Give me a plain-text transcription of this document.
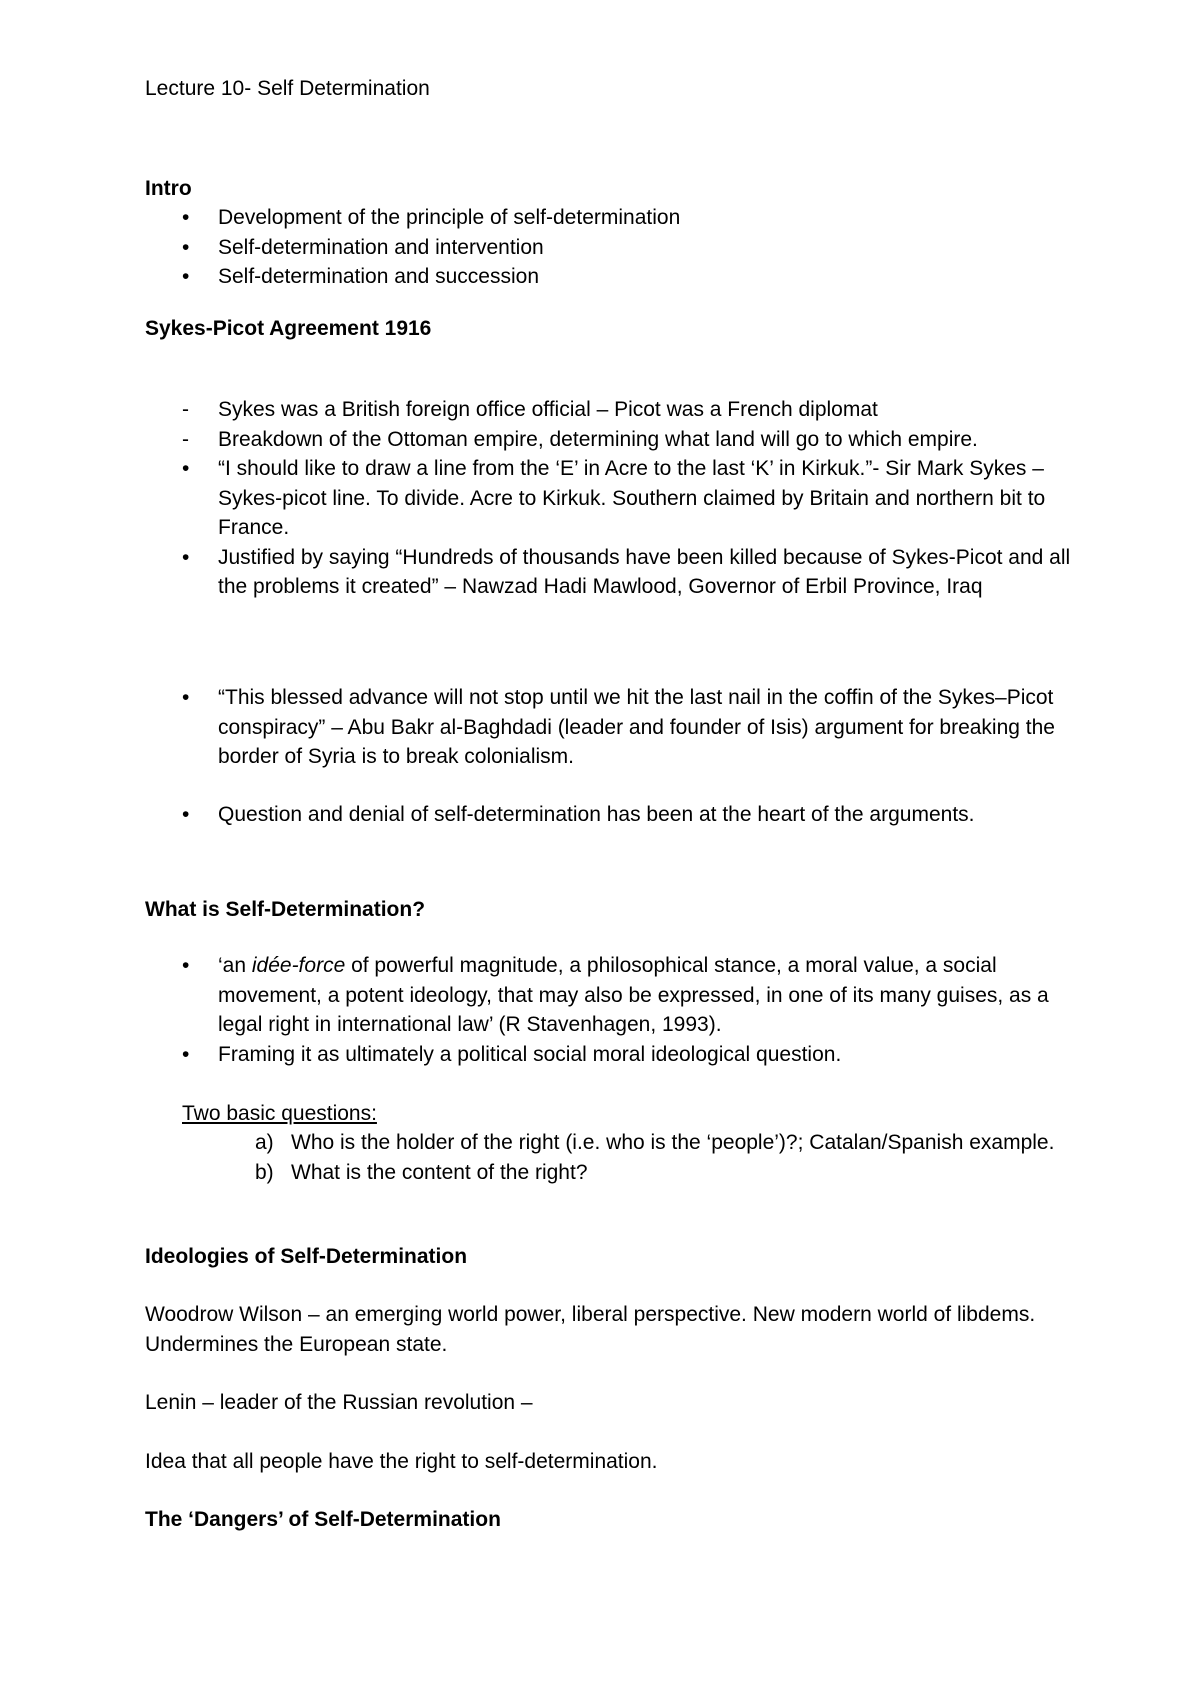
Lecture 10- Self Determination
Intro
• Development of the principle of self-determination
• Self-determination and intervention
• Self-determination and succession
Sykes-Picot Agreement 1916
- Sykes was a British foreign office official – Picot was a French diplomat
- Breakdown of the Ottoman empire, determining what land will go to which empire.
• “I should like to draw a line from the ‘E’ in Acre to the last ‘K’ in Kirkuk.”- Sir Mark Sykes – Sykes-picot line. To divide. Acre to Kirkuk. Southern claimed by Britain and northern bit to France.
• Justified by saying “Hundreds of thousands have been killed because of Sykes-Picot and all the problems it created” – Nawzad Hadi Mawlood, Governor of Erbil Province, Iraq
• “This blessed advance will not stop until we hit the last nail in the coffin of the Sykes–Picot conspiracy” – Abu Bakr al-Baghdadi (leader and founder of Isis) argument for breaking the border of Syria is to break colonialism.
• Question and denial of self-determination has been at the heart of the arguments.
What is Self-Determination?
• ‘an idée-force of powerful magnitude, a philosophical stance, a moral value, a social movement, a potent ideology, that may also be expressed, in one of its many guises, as a legal right in international law’ (R Stavenhagen, 1993).
• Framing it as ultimately a political social moral ideological question.
Two basic questions:
a) Who is the holder of the right (i.e. who is the ‘people’)?; Catalan/Spanish example.
b) What is the content of the right?
Ideologies of Self-Determination
Woodrow Wilson – an emerging world power, liberal perspective. New modern world of libdems. Undermines the European state.
Lenin – leader of the Russian revolution –
Idea that all people have the right to self-determination.
The ‘Dangers’ of Self-Determination
